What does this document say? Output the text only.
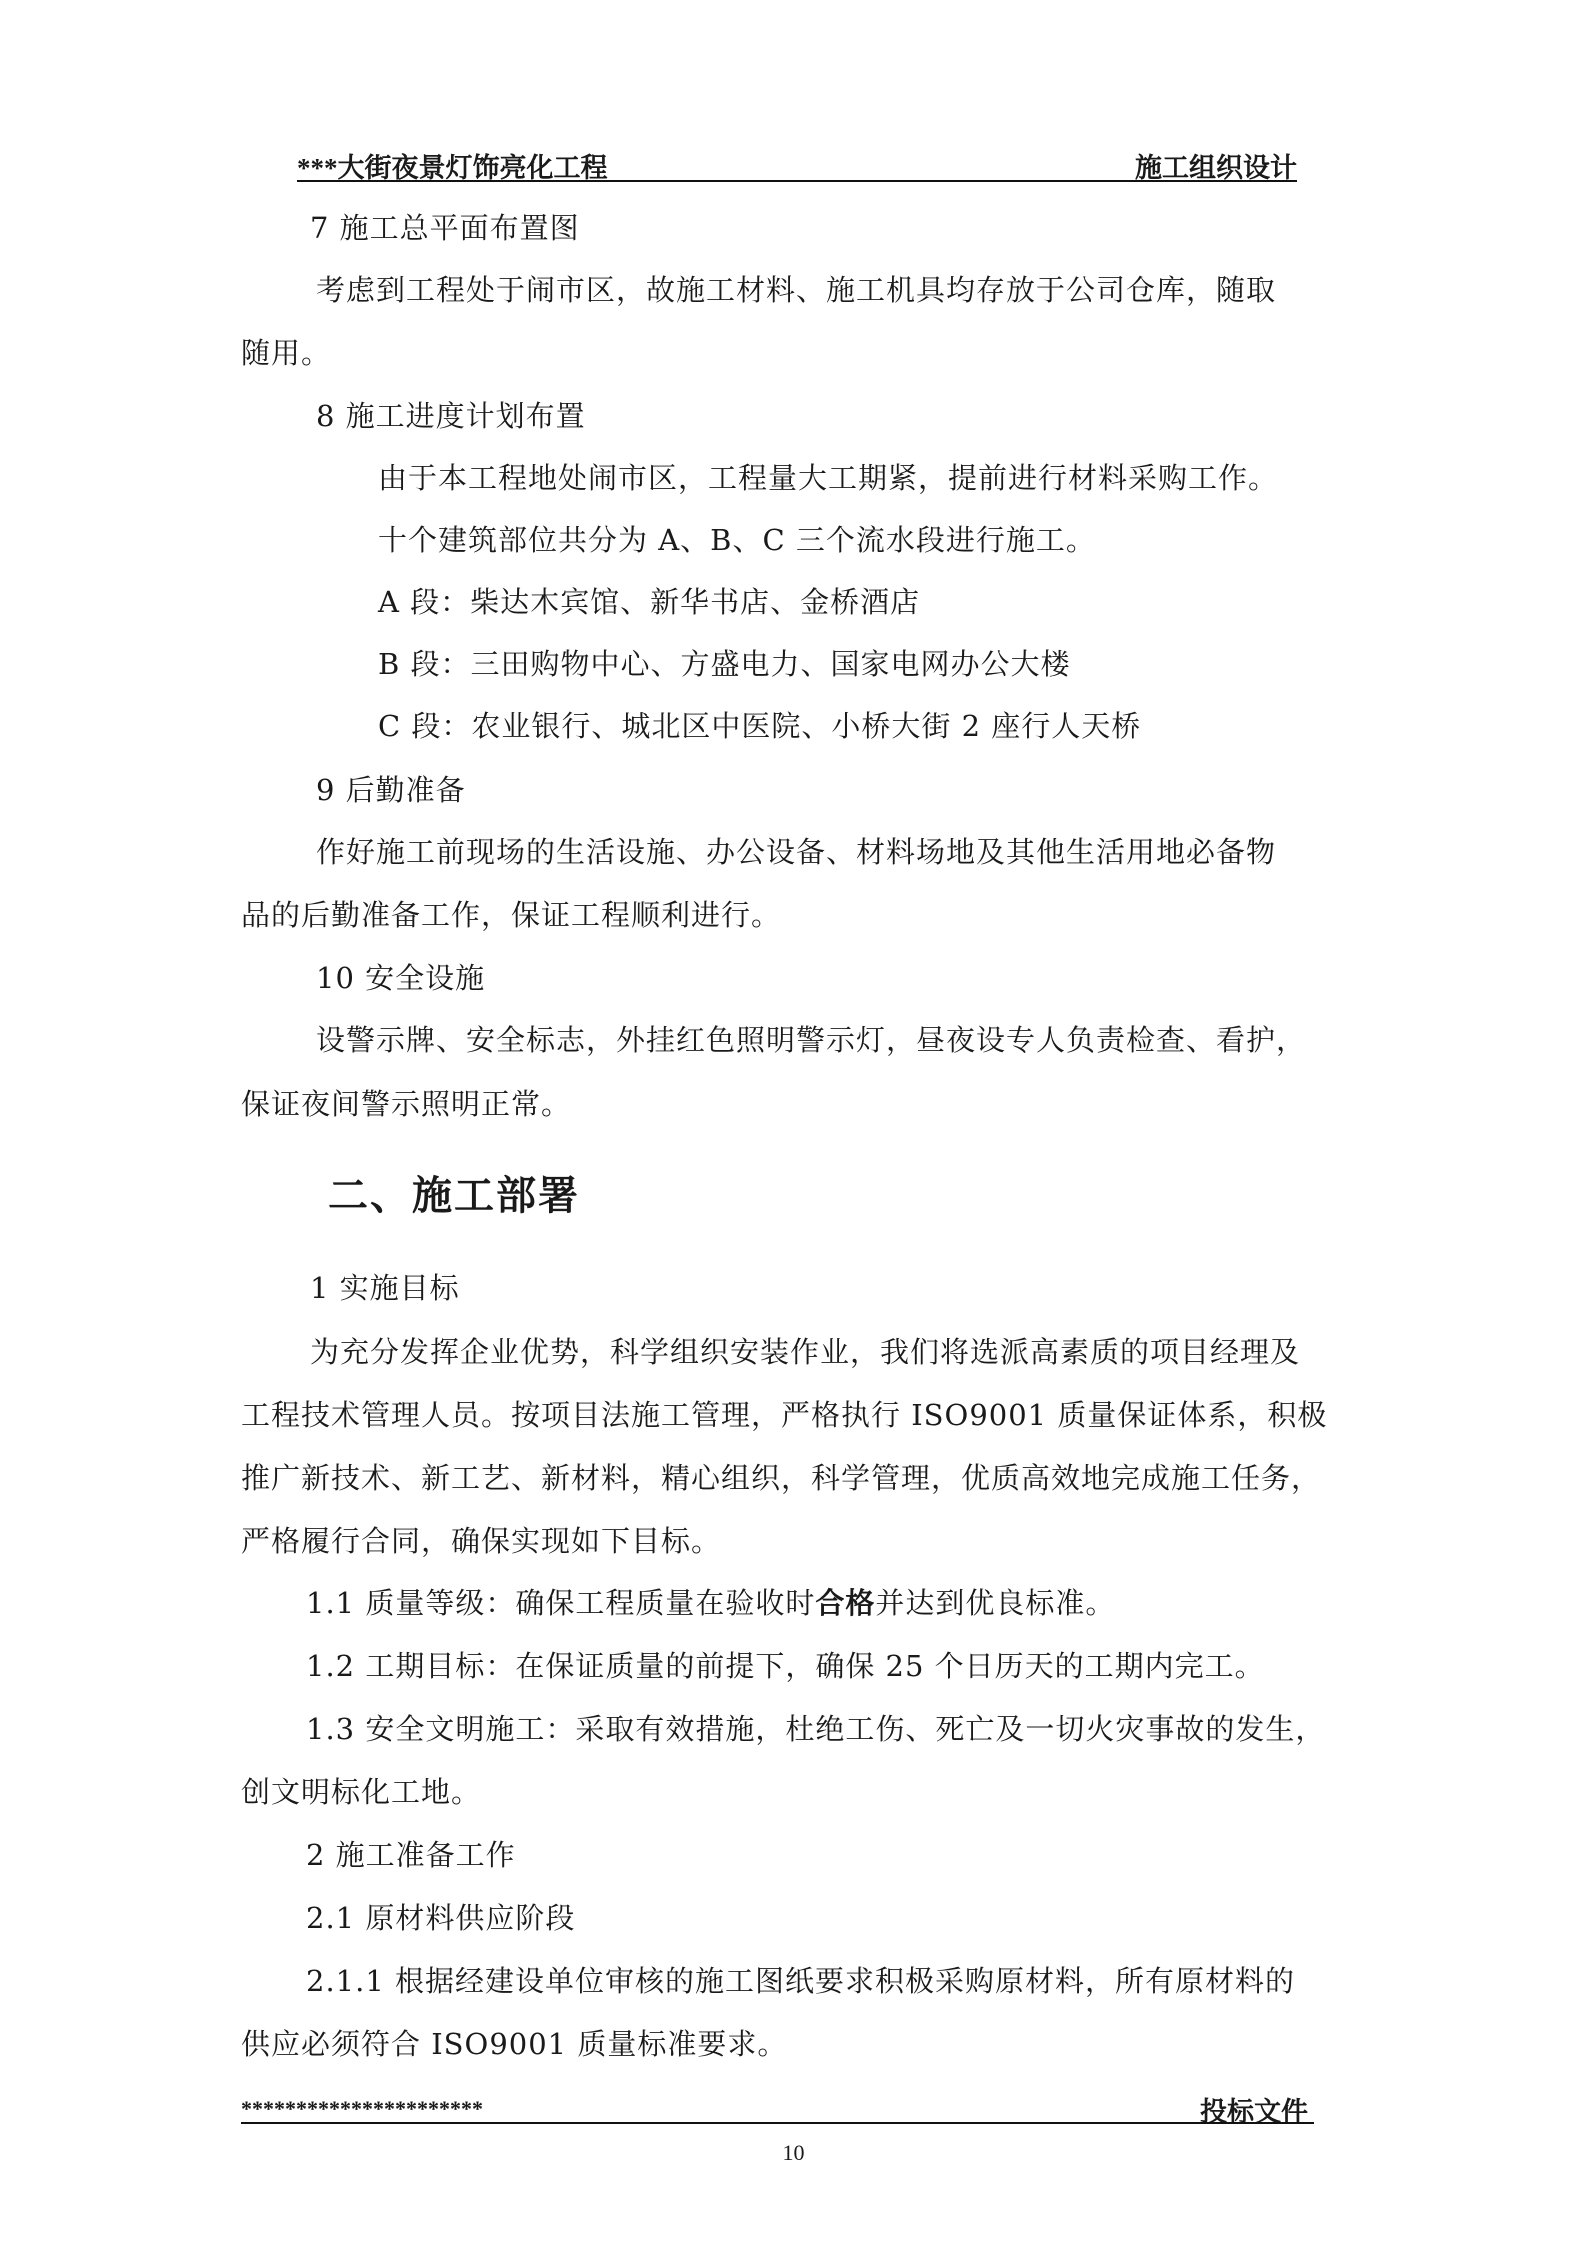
***大街夜景灯饰亮化工程	施工组织设计
7 施工总平面布置图
考虑到工程处于闹市区，故施工材料、施工机具均存放于公司仓库，随取
随用。
8 施工进度计划布置
由于本工程地处闹市区，工程量大工期紧，提前进行材料采购工作。
十个建筑部位共分为 A、B、C 三个流水段进行施工。
A 段：柴达木宾馆、新华书店、金桥酒店
B 段：三田购物中心、方盛电力、国家电网办公大楼
C 段：农业银行、城北区中医院、小桥大街 2 座行人天桥
9 后勤准备
作好施工前现场的生活设施、办公设备、材料场地及其他生活用地必备物
品的后勤准备工作，保证工程顺利进行。
10 安全设施
设警示牌、安全标志，外挂红色照明警示灯，昼夜设专人负责检查、看护，
保证夜间警示照明正常。
二、施工部署
1 实施目标
为充分发挥企业优势，科学组织安装作业，我们将选派高素质的项目经理及
工程技术管理人员。按项目法施工管理，严格执行 ISO9001 质量保证体系，积极
推广新技术、新工艺、新材料，精心组织，科学管理，优质高效地完成施工任务，
严格履行合同，确保实现如下目标。
1.1 质量等级：确保工程质量在验收时合格并达到优良标准。
1.2 工期目标：在保证质量的前提下，确保 25 个日历天的工期内完工。
1.3 安全文明施工：采取有效措施，杜绝工伤、死亡及一切火灾事故的发生，
创文明标化工地。
2 施工准备工作
2.1 原材料供应阶段
2.1.1 根据经建设单位审核的施工图纸要求积极采购原材料，所有原材料的
供应必须符合 ISO9001 质量标准要求。
**********************	投标文件
10
